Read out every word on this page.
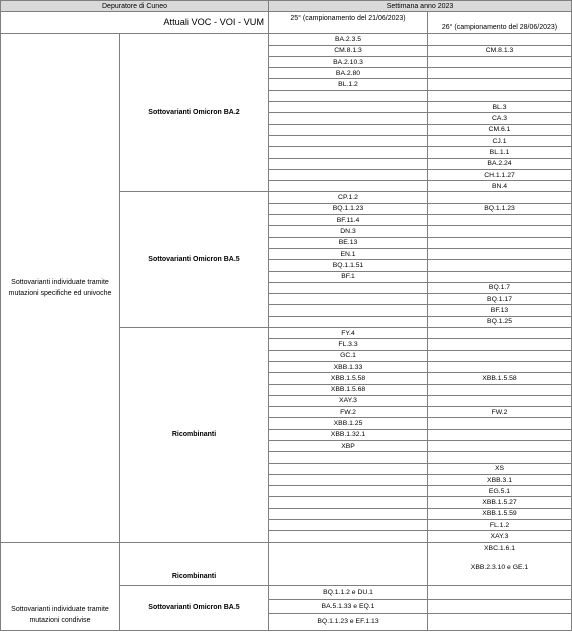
Depuratore di Cuneo		Settimana anno 2023	
Attuali VOC - VOI - VUM		25° (campionamento del 21/06/2023)	26° (campionamento del 28/06/2023)
Sottovarianti individuate tramite mutazioni specifiche ed univoche	Sottovarianti Omicron BA.2	BA.2.3.5	
		CM.8.1.3	CM.8.1.3
		BA.2.10.3	
		BA.2.80	
		BL.1.2	

			BL.3
			CA.3
			CM.6.1
			CJ.1
			BL.1.1
			BA.2.24
			CH.1.1.27
			BN.4
	Sottovarianti Omicron BA.5	CP.1.2	
		BQ.1.1.23	BQ.1.1.23
		BF.11.4	
		DN.3	
		BE.13	
		EN.1	
		BQ.1.1.51	
		BF.1	
			BQ.1.7
			BQ.1.17
			BF.13
			BQ.1.25
	Ricombinanti	FY.4	
		FL.3.3	
		GC.1	
		XBB.1.33	
		XBB.1.5.58	XBB.1.5.58
		XBB.1.5.68	
		XAY.3	
		FW.2	FW.2
		XBB.1.25	
		XBB.1.32.1	
		XBP	

			XS
			XBB.3.1
			EG.5.1
			XBB.1.5.27
			XBB.1.5.59
			FL.1.2
			XAY.3
Sottovarianti individuate tramite mutazioni condivise	Ricombinanti		XBC.1.6.1
XBB.2.3.10 e GE.1

	Sottovarianti Omicron BA.5	BQ.1.1.2 e DU.1	
		BA.5.1.33 e EQ.1	
		BQ.1.1.23 e EF.1.13	
